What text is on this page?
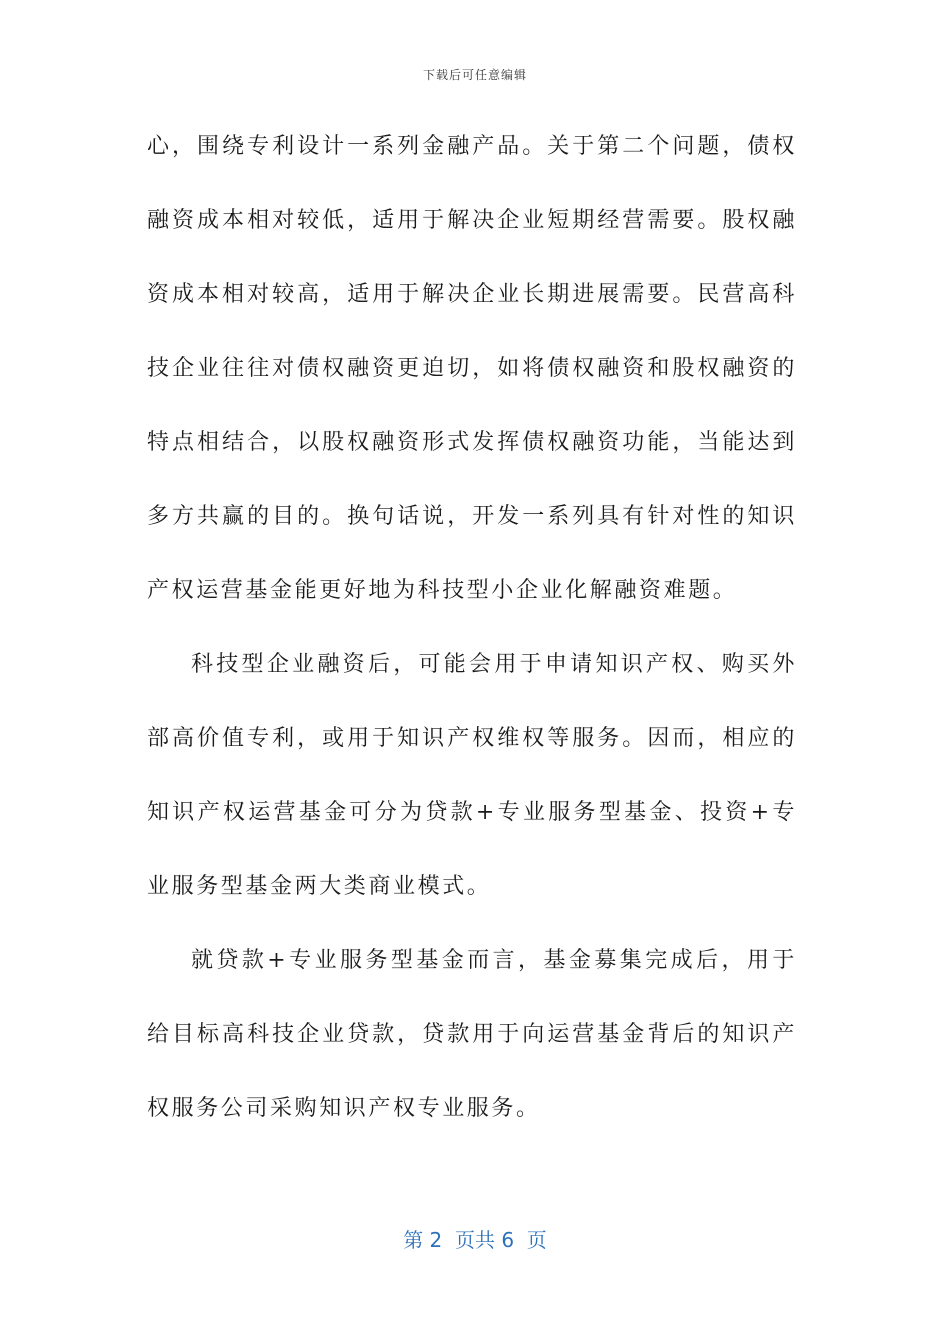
下载后可任意编辑

心，围绕专利设计一系列金融产品。关于第二个问题，债权融资成本相对较低，适用于解决企业短期经营需要。股权融资成本相对较高，适用于解决企业长期进展需要。民营高科技企业往往对债权融资更迫切，如将债权融资和股权融资的特点相结合，以股权融资形式发挥债权融资功能，当能达到多方共赢的目的。换句话说，开发一系列具有针对性的知识产权运营基金能更好地为科技型小企业化解融资难题。

科技型企业融资后，可能会用于申请知识产权、购买外部高价值专利，或用于知识产权维权等服务。因而，相应的知识产权运营基金可分为贷款+专业服务型基金、投资+专业服务型基金两大类商业模式。

就贷款+专业服务型基金而言，基金募集完成后，用于给目标高科技企业贷款，贷款用于向运营基金背后的知识产权服务公司采购知识产权专业服务。

第 2  页共 6  页
